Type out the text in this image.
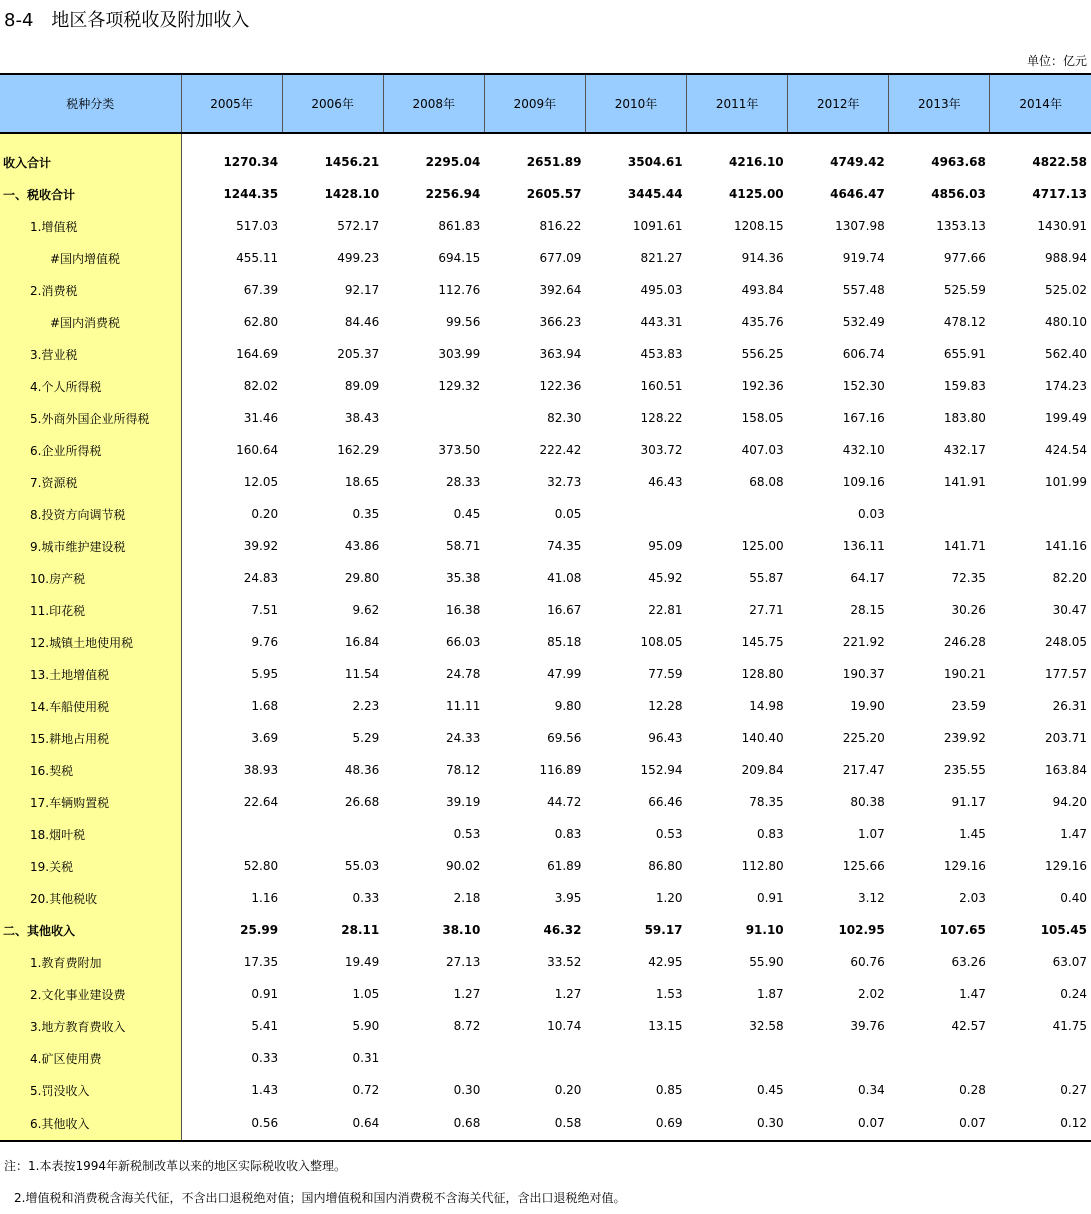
8-4　地区各项税收及附加收入
单位：亿元
税种分类	2005年	2006年	2008年	2009年	2010年	2011年	2012年	2013年	2014年
收入合计	1270.34	1456.21	2295.04	2651.89	3504.61	4216.10	4749.42	4963.68	4822.58
一、税收合计	1244.35	1428.10	2256.94	2605.57	3445.44	4125.00	4646.47	4856.03	4717.13
1.增值税	517.03	572.17	861.83	816.22	1091.61	1208.15	1307.98	1353.13	1430.91
#国内增值税	455.11	499.23	694.15	677.09	821.27	914.36	919.74	977.66	988.94
2.消费税	67.39	92.17	112.76	392.64	495.03	493.84	557.48	525.59	525.02
#国内消费税	62.80	84.46	99.56	366.23	443.31	435.76	532.49	478.12	480.10
3.营业税	164.69	205.37	303.99	363.94	453.83	556.25	606.74	655.91	562.40
4.个人所得税	82.02	89.09	129.32	122.36	160.51	192.36	152.30	159.83	174.23
5.外商外国企业所得税	31.46	38.43		82.30	128.22	158.05	167.16	183.80	199.49
6.企业所得税	160.64	162.29	373.50	222.42	303.72	407.03	432.10	432.17	424.54
7.资源税	12.05	18.65	28.33	32.73	46.43	68.08	109.16	141.91	101.99
8.投资方向调节税	0.20	0.35	0.45	0.05			0.03		
9.城市维护建设税	39.92	43.86	58.71	74.35	95.09	125.00	136.11	141.71	141.16
10.房产税	24.83	29.80	35.38	41.08	45.92	55.87	64.17	72.35	82.20
11.印花税	7.51	9.62	16.38	16.67	22.81	27.71	28.15	30.26	30.47
12.城镇土地使用税	9.76	16.84	66.03	85.18	108.05	145.75	221.92	246.28	248.05
13.土地增值税	5.95	11.54	24.78	47.99	77.59	128.80	190.37	190.21	177.57
14.车船使用税	1.68	2.23	11.11	9.80	12.28	14.98	19.90	23.59	26.31
15.耕地占用税	3.69	5.29	24.33	69.56	96.43	140.40	225.20	239.92	203.71
16.契税	38.93	48.36	78.12	116.89	152.94	209.84	217.47	235.55	163.84
17.车辆购置税	22.64	26.68	39.19	44.72	66.46	78.35	80.38	91.17	94.20
18.烟叶税			0.53	0.83	0.53	0.83	1.07	1.45	1.47
19.关税	52.80	55.03	90.02	61.89	86.80	112.80	125.66	129.16	129.16
20.其他税收	1.16	0.33	2.18	3.95	1.20	0.91	3.12	2.03	0.40
二、其他收入	25.99	28.11	38.10	46.32	59.17	91.10	102.95	107.65	105.45
1.教育费附加	17.35	19.49	27.13	33.52	42.95	55.90	60.76	63.26	63.07
2.文化事业建设费	0.91	1.05	1.27	1.27	1.53	1.87	2.02	1.47	0.24
3.地方教育费收入	5.41	5.90	8.72	10.74	13.15	32.58	39.76	42.57	41.75
4.矿区使用费	0.33	0.31							
5.罚没收入	1.43	0.72	0.30	0.20	0.85	0.45	0.34	0.28	0.27
6.其他收入	0.56	0.64	0.68	0.58	0.69	0.30	0.07	0.07	0.12
注：1.本表按1994年新税制改革以来的地区实际税收收入整理。
2.增值税和消费税含海关代征，不含出口退税绝对值；国内增值税和国内消费税不含海关代征，含出口退税绝对值。
